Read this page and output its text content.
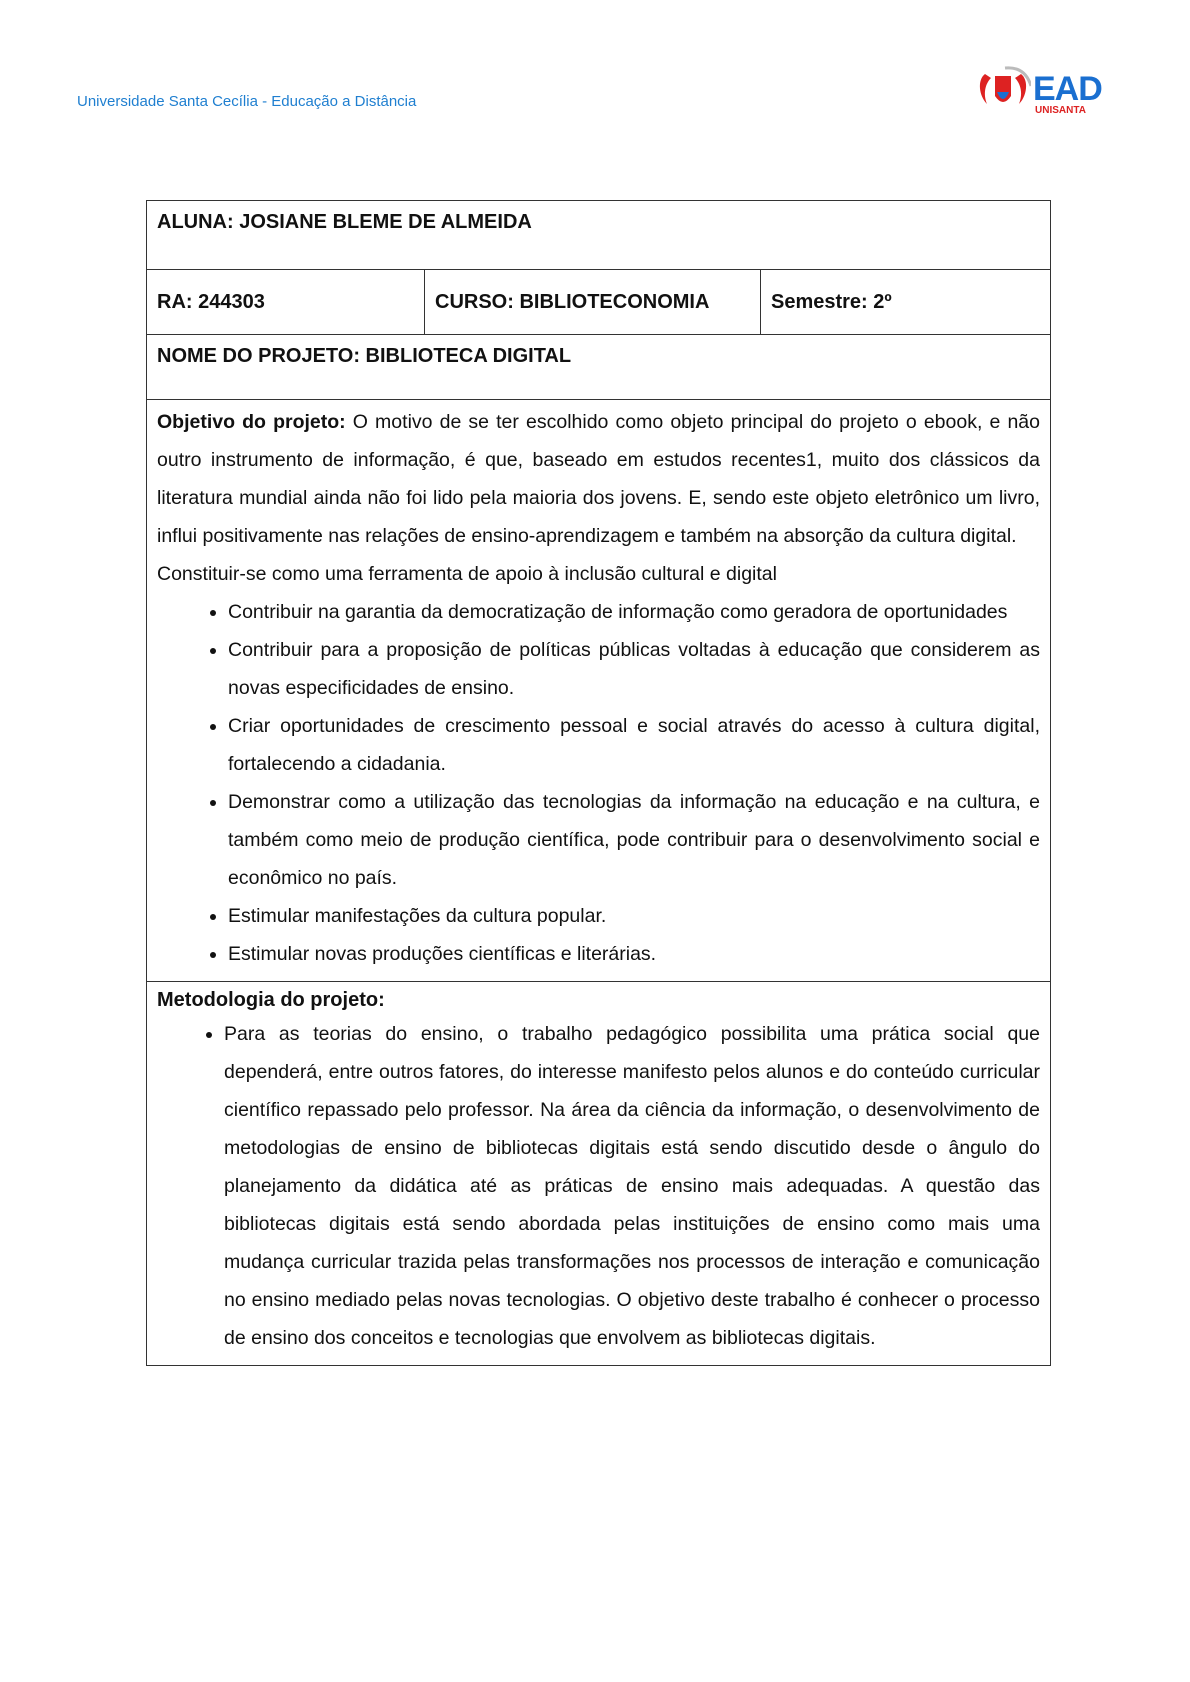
Universidade Santa Cecília - Educação a Distância	EAD
UNISANTA
ALUNA: JOSIANE BLEME DE ALMEIDA
RA: 244303	CURSO: BIBLIOTECONOMIA	Semestre: 2º
NOME DO PROJETO: BIBLIOTECA DIGITAL

Objetivo do projeto: O motivo de se ter escolhido como objeto principal do projeto o ebook, e não outro instrumento de informação, é que, baseado em estudos recentes1, muito dos clássicos da literatura mundial ainda não foi lido pela maioria dos jovens. E, sendo este objeto eletrônico um livro, influi positivamente nas relações de ensino-aprendizagem e também na absorção da cultura digital.

Constituir-se como uma ferramenta de apoio à inclusão cultural e digital

• Contribuir na garantia da democratização de informação como geradora de oportunidades
• Contribuir para a proposição de políticas públicas voltadas à educação que considerem as novas especificidades de ensino.
• Criar oportunidades de crescimento pessoal e social através do acesso à cultura digital, fortalecendo a cidadania.
• Demonstrar como a utilização das tecnologias da informação na educação e na cultura, e também como meio de produção científica, pode contribuir para o desenvolvimento social e econômico no país.
• Estimular manifestações da cultura popular.
• Estimular novas produções científicas e literárias.
Metodologia do projeto:
• Para as teorias do ensino, o trabalho pedagógico possibilita uma prática social que dependerá, entre outros fatores, do interesse manifesto pelos alunos e do conteúdo curricular científico repassado pelo professor. Na área da ciência da informação, o desenvolvimento de metodologias de ensino de bibliotecas digitais está sendo discutido desde o ângulo do planejamento da didática até as práticas de ensino mais adequadas. A questão das bibliotecas digitais está sendo abordada pelas instituições de ensino como mais uma mudança curricular trazida pelas transformações nos processos de interação e comunicação no ensino mediado pelas novas tecnologias. O objetivo deste trabalho é conhecer o processo de ensino dos conceitos e tecnologias que envolvem as bibliotecas digitais.
